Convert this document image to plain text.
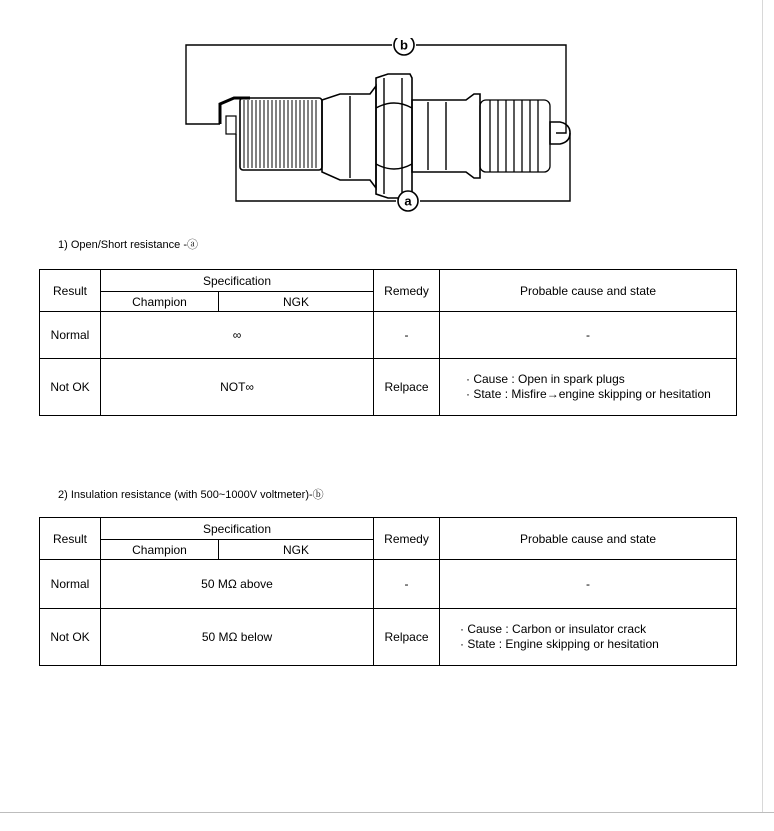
b
a
1) Open/Short resistance -ⓐ
Result	Specification		Remedy	Probable cause and state
	Champion	NGK		
Normal	∞		-	-
Not OK	NOT∞		Relpace	· Cause : Open in spark plugs
· State : Misfire→engine skipping or hesitation
2) Insulation resistance (with 500~1000V voltmeter)-ⓑ
Result	Specification		Remedy	Probable cause and state
	Champion	NGK		
Normal	50 MΩ above		-	-
Not OK	50 MΩ below		Relpace	· Cause : Carbon or insulator crack
· State : Engine skipping or hesitation
